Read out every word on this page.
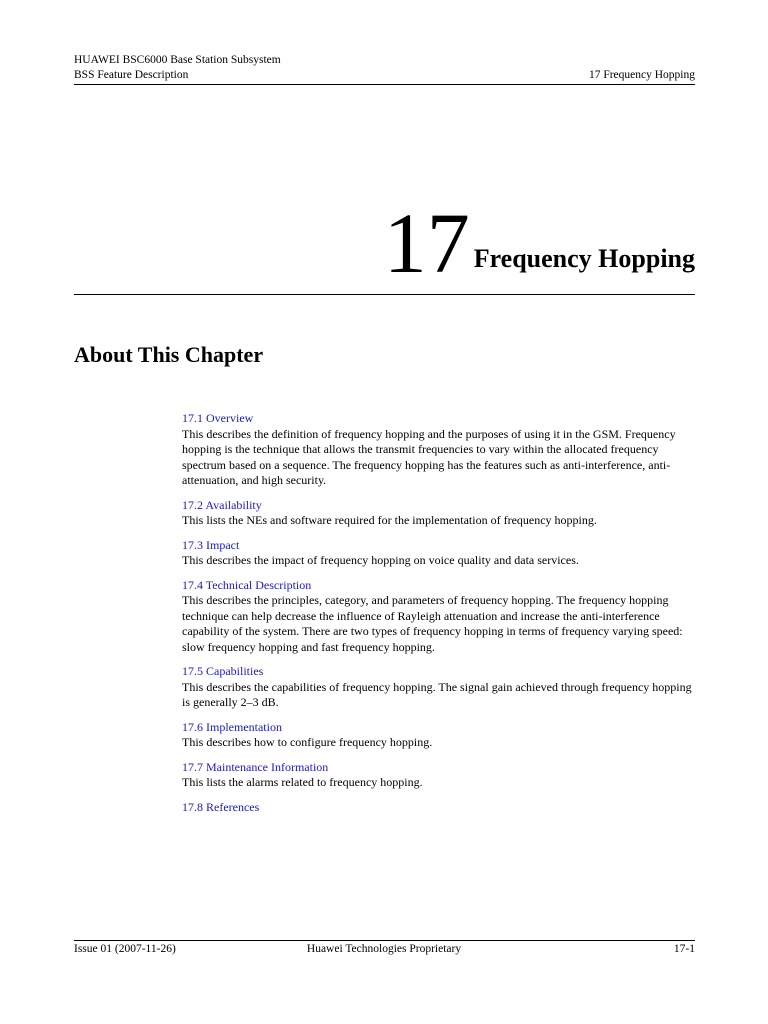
HUAWEI BSC6000 Base Station Subsystem
BSS Feature Description	17 Frequency Hopping
17 Frequency Hopping
About This Chapter
17.1 Overview
This describes the definition of frequency hopping and the purposes of using it in the GSM. Frequency hopping is the technique that allows the transmit frequencies to vary within the allocated frequency spectrum based on a sequence. The frequency hopping has the features such as anti-interference, anti-attenuation, and high security.
17.2 Availability
This lists the NEs and software required for the implementation of frequency hopping.
17.3 Impact
This describes the impact of frequency hopping on voice quality and data services.
17.4 Technical Description
This describes the principles, category, and parameters of frequency hopping. The frequency hopping technique can help decrease the influence of Rayleigh attenuation and increase the anti-interference capability of the system. There are two types of frequency hopping in terms of frequency varying speed: slow frequency hopping and fast frequency hopping.
17.5 Capabilities
This describes the capabilities of frequency hopping. The signal gain achieved through frequency hopping is generally 2–3 dB.
17.6 Implementation
This describes how to configure frequency hopping.
17.7 Maintenance Information
This lists the alarms related to frequency hopping.
17.8 References
Issue 01 (2007-11-26)	Huawei Technologies Proprietary	17-1
